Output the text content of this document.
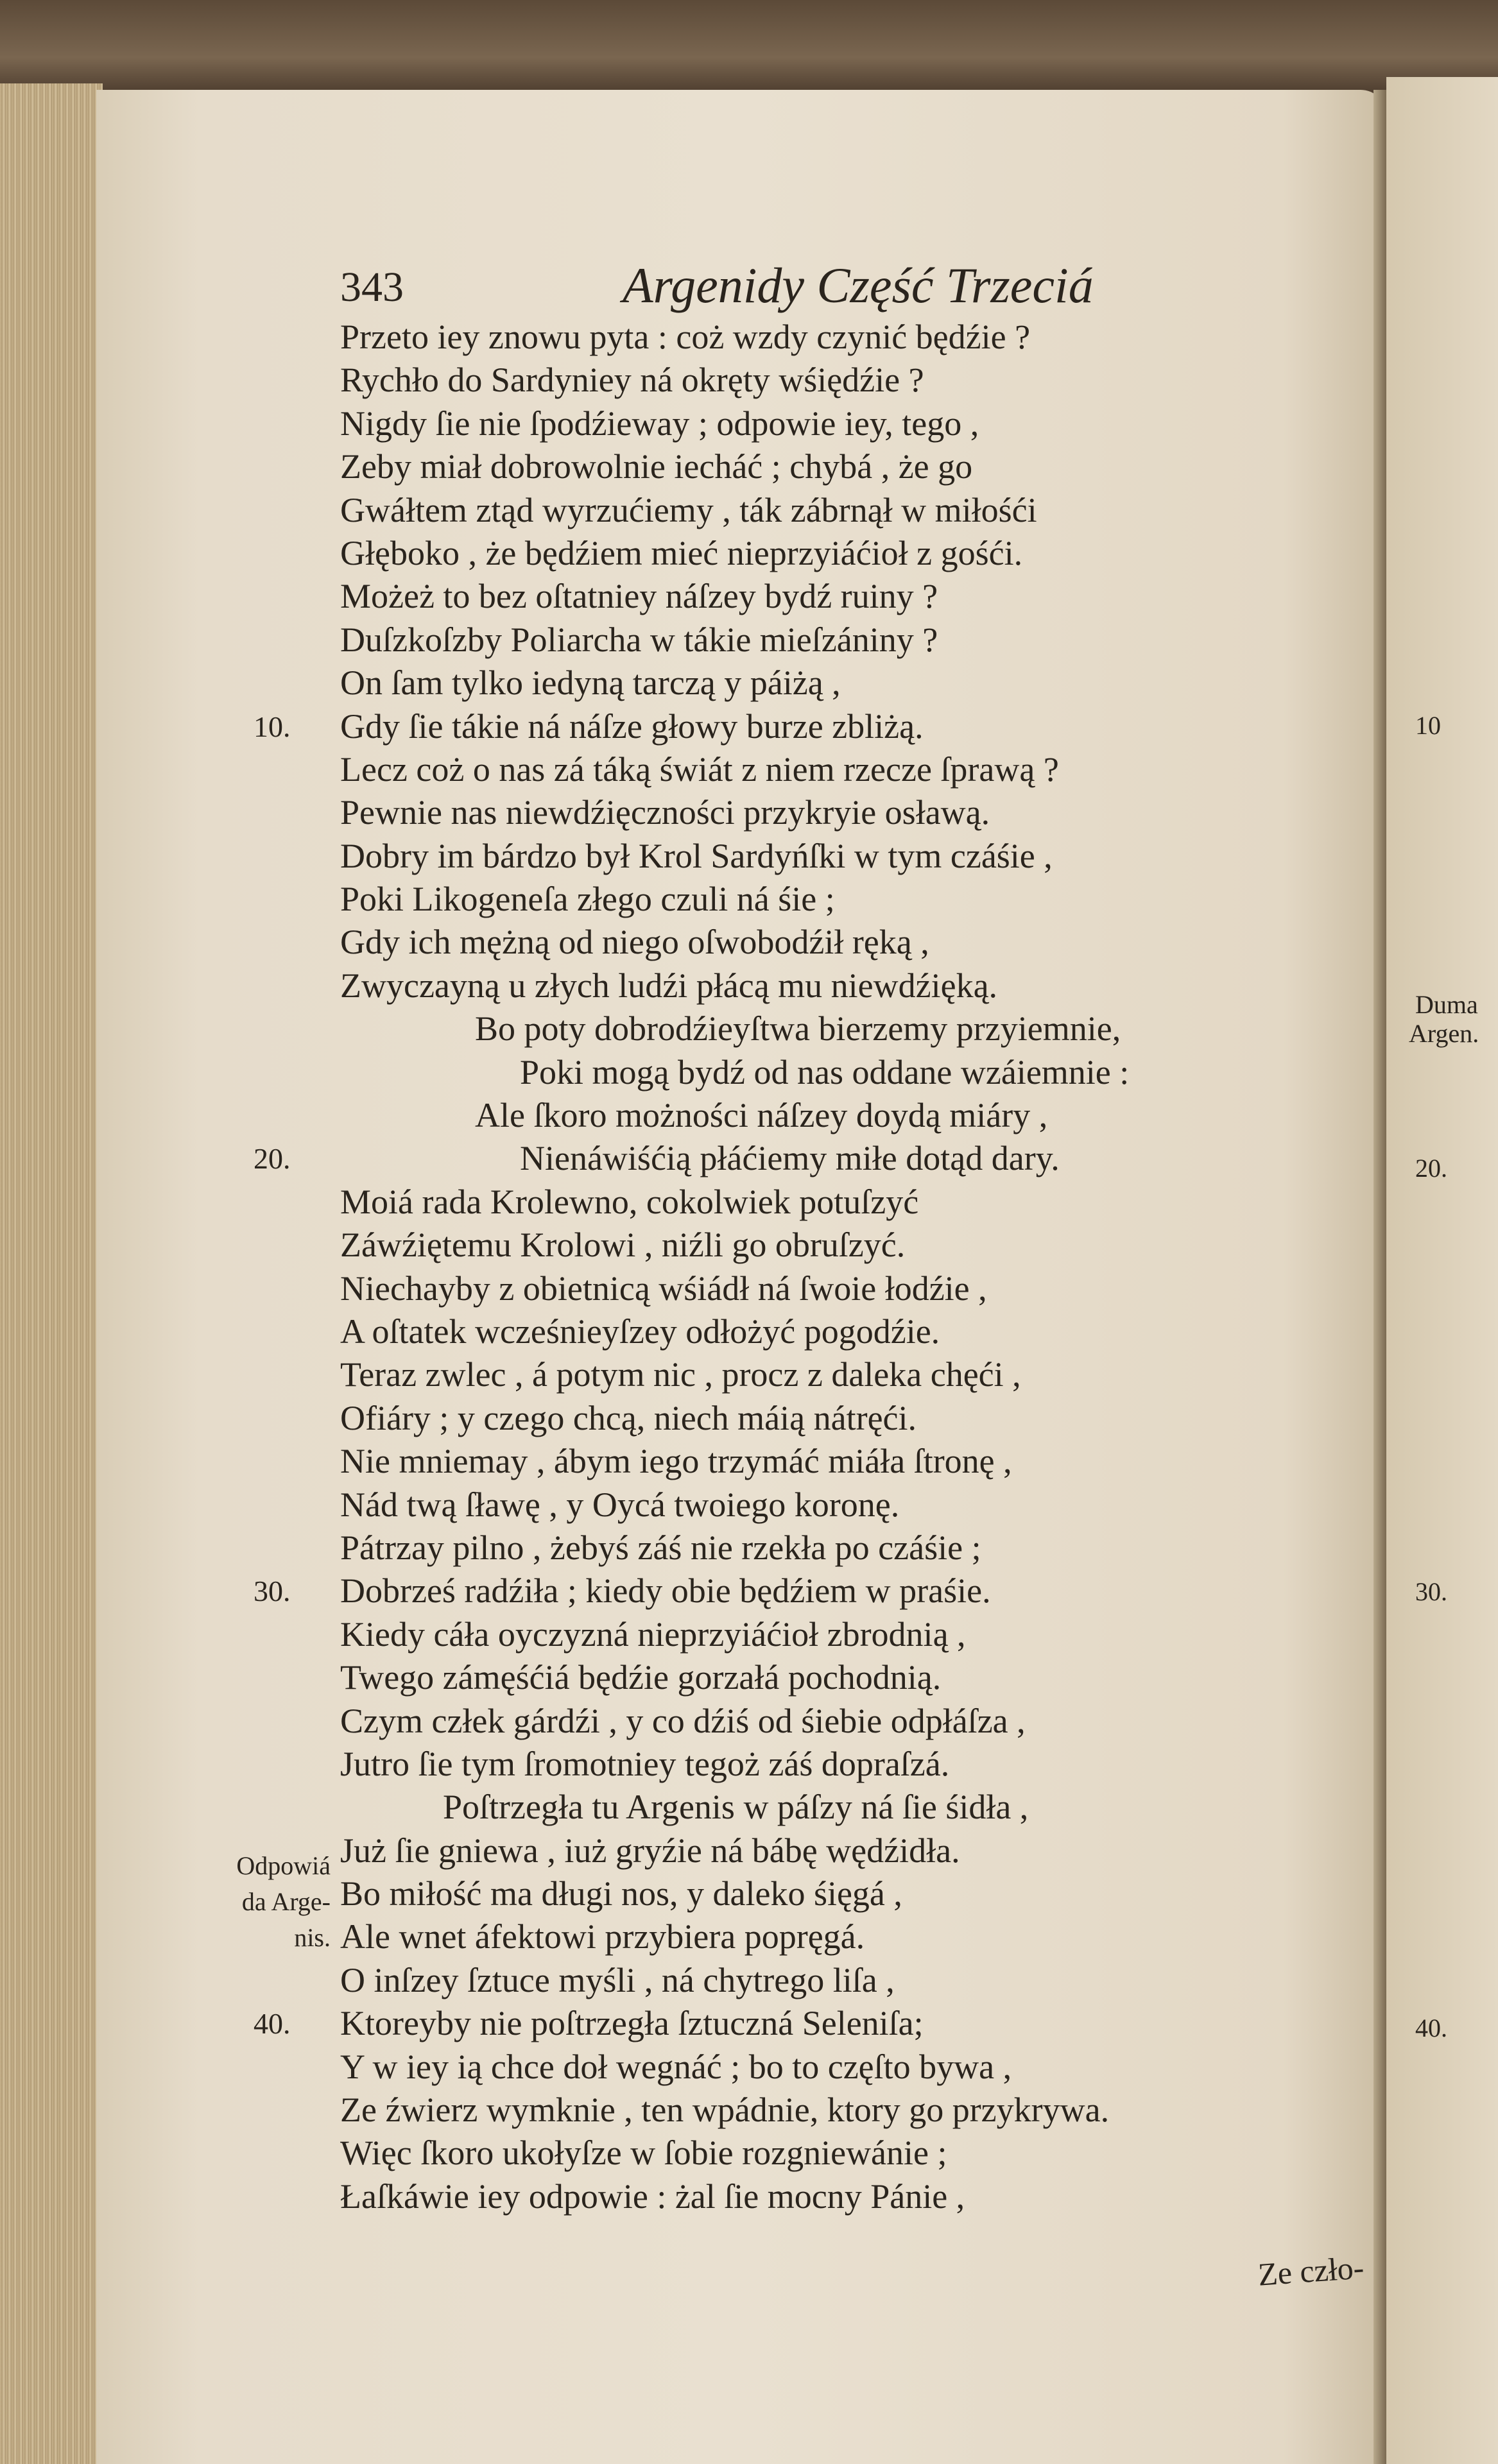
343	Argenidy Część Trzeciá
Przeto iey znowu pyta : coż wzdy czynić będźie ?
Rychło do Sardyniey ná okręty wśiędźie ?
Nigdy ſie nie ſpodźieway ; odpowie iey, tego ,
Zeby miał dobrowolnie iecháć ; chybá , że go
Gwáłtem ztąd wyrzućiemy , ták zábrnął w miłośći
Głęboko , że będźiem mieć nieprzyiáćioł z gośći.
Możeż to bez oſtatniey náſzey bydź ruiny ?
Duſzkoſzby Poliarcha w tákie mieſzániny ?
On ſam tylko iedyną tarczą y páiżą ,
10. Gdy ſie tákie ná náſze głowy burze zbliżą.
Lecz coż o nas zá táką świát z niem rzecze ſprawą ?
Pewnie nas niewdźięczności przykryie osławą.
Dobry im bárdzo był Krol Sardyńſki w tym czáśie ,
Poki Likogeneſa złego czuli ná śie ;
Gdy ich mężną od niego oſwobodźił ręką ,
Zwyczayną u złych ludźi płácą mu niewdźięką.
Bo poty dobrodźieyſtwa bierzemy przyiemnie,
Poki mogą bydź od nas oddane wzáiemnie :
Ale ſkoro możności náſzey doydą miáry ,
20.	Nienáwiśćią płáćiemy miłe dotąd dary.
Moiá rada Krolewno, cokolwiek potuſzyć
Záwźiętemu Krolowi , niźli go obruſzyć.
Niechayby z obietnicą wśiádł ná ſwoie łodźie ,
A oſtatek wcześnieyſzey odłożyć pogodźie.
Teraz zwlec , á potym nic , procz z daleka chęći ,
Ofiáry ; y czego chcą, niech máią nátręći.
Nie mniemay , ábym iego trzymáć miáła ſtronę ,
Nád twą ſławę , y Oycá twoiego koronę.
Pátrzay pilno , żebyś záś nie rzekła po czáśie ;
30. Dobrześ radźiła ; kiedy obie będźiem w praśie.
Kiedy cáła oyczyzná nieprzyiáćioł zbrodnią ,
Twego zámęśćiá będźie gorzałá pochodnią.
Czym człek gárdźi , y co dźiś od śiebie odpłáſza ,
Jutro ſie tym ſromotniey tegoż záś dopraſzá.
Poſtrzegła tu Argenis w páſzy ná ſie śidła ,
Już ſie gniewa , iuż gryźie ná bábę wędźidła.
Bo miłość ma długi nos, y daleko śięgá ,
Ale wnet áfektowi przybiera popręgá.
O inſzey ſztuce myśli , ná chytrego liſa ,
40. Ktoreyby nie poſtrzegła ſztuczná Seleniſa;
Y w iey ią chce doł wegnáć ; bo to częſto bywa ,
Ze źwierz wymknie , ten wpádnie, ktory go przykrywa.
Więc ſkoro ukołyſze w ſobie rozgniewánie ;
Łaſkáwie iey odpowie : żal ſie mocny Pánie ,
Odpowiá
da Arge-
nis.
Ze czło-
10
Duma
Argen.
20.
30.
40.
